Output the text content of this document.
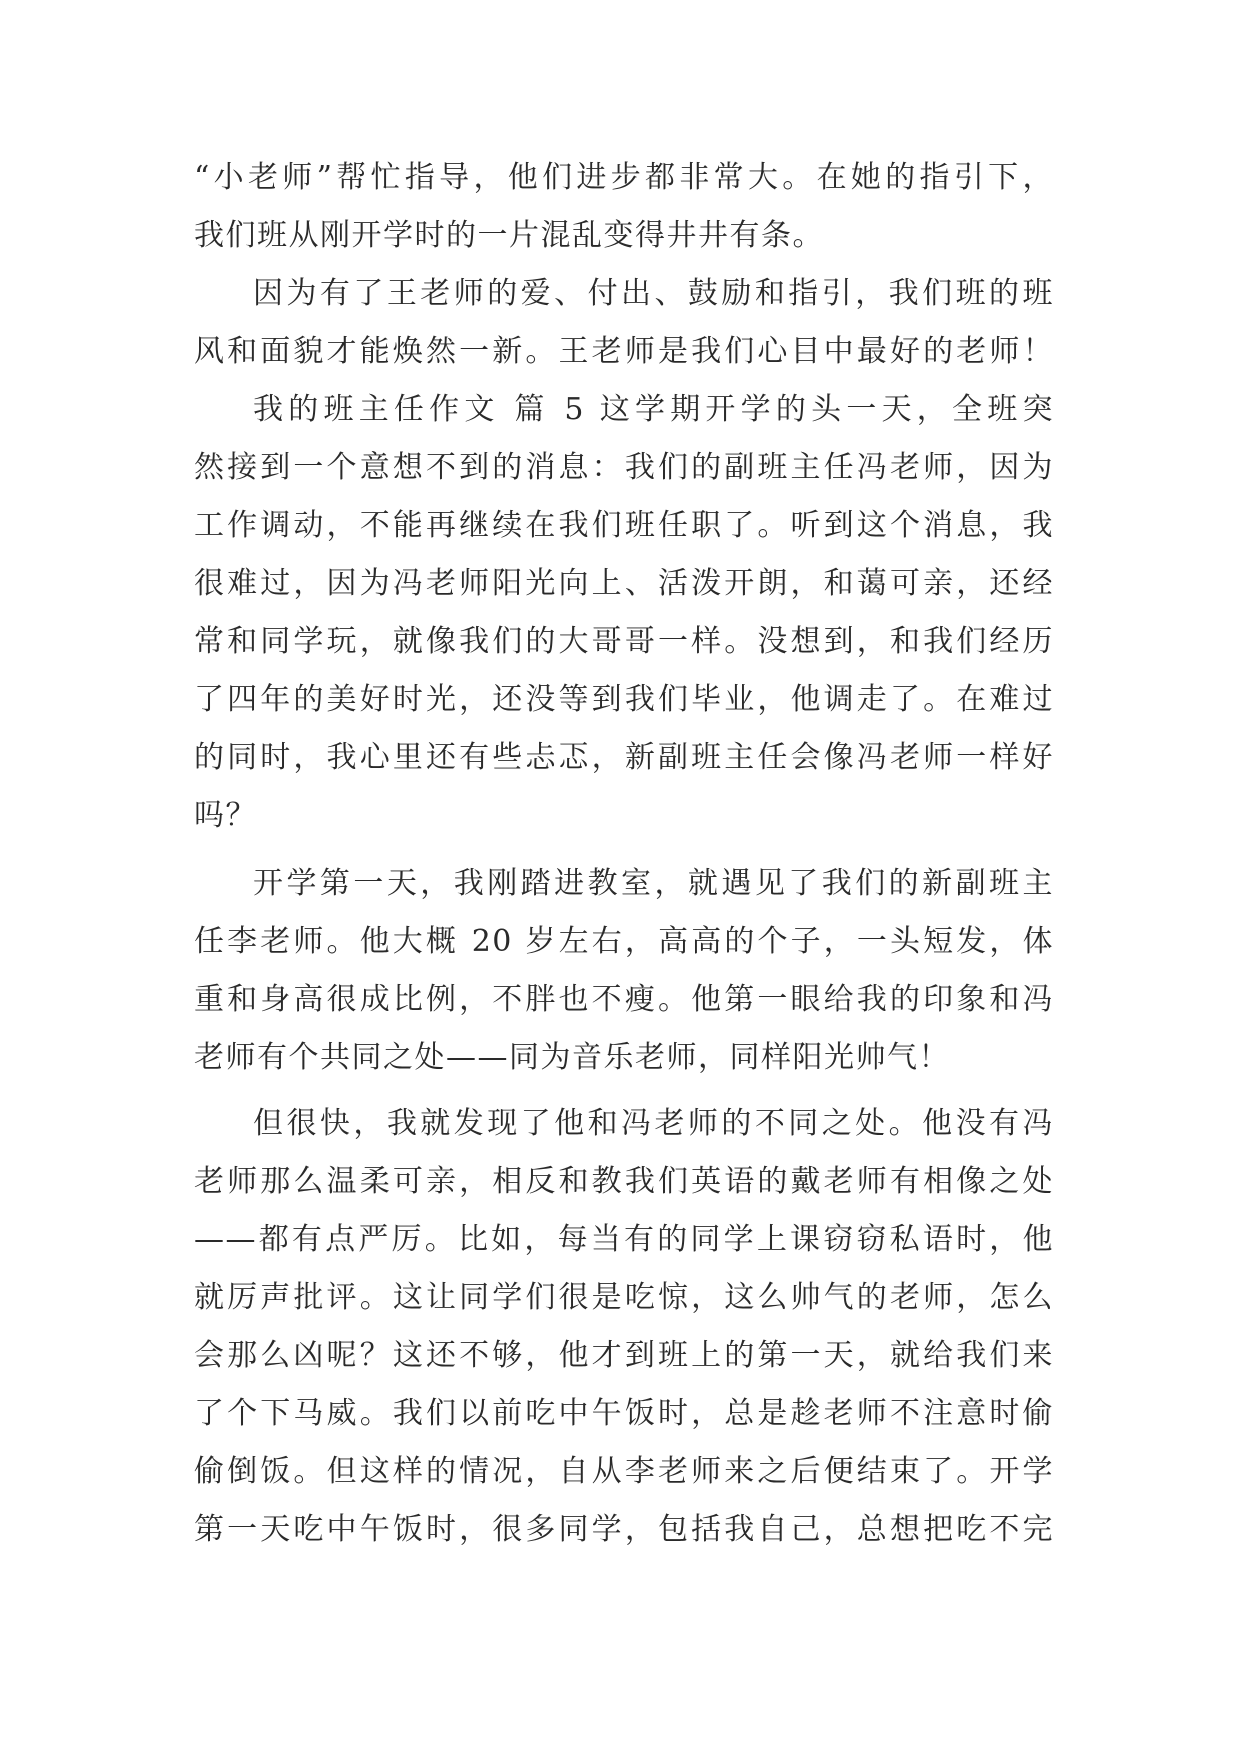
“小老师”帮忙指导，他们进步都非常大。在她的指引下，
我们班从刚开学时的一片混乱变得井井有条。
因为有了王老师的爱、付出、鼓励和指引，我们班的班
风和面貌才能焕然一新。王老师是我们心目中最好的老师！
我的班主任作文 篇 5 这学期开学的头一天，全班突
然接到一个意想不到的消息：我们的副班主任冯老师，因为
工作调动，不能再继续在我们班任职了。听到这个消息，我
很难过，因为冯老师阳光向上、活泼开朗，和蔼可亲，还经
常和同学玩，就像我们的大哥哥一样。没想到，和我们经历
了四年的美好时光，还没等到我们毕业，他调走了。在难过
的同时，我心里还有些忐忑，新副班主任会像冯老师一样好
吗？
开学第一天，我刚踏进教室，就遇见了我们的新副班主
任李老师。他大概 20 岁左右，高高的个子，一头短发，体
重和身高很成比例，不胖也不瘦。他第一眼给我的印象和冯
老师有个共同之处——同为音乐老师，同样阳光帅气！
但很快，我就发现了他和冯老师的不同之处。他没有冯
老师那么温柔可亲，相反和教我们英语的戴老师有相像之处
——都有点严厉。比如，每当有的同学上课窃窃私语时，他
就厉声批评。这让同学们很是吃惊，这么帅气的老师，怎么
会那么凶呢？这还不够，他才到班上的第一天，就给我们来
了个下马威。我们以前吃中午饭时，总是趁老师不注意时偷
偷倒饭。但这样的情况，自从李老师来之后便结束了。开学
第一天吃中午饭时，很多同学，包括我自己，总想把吃不完
